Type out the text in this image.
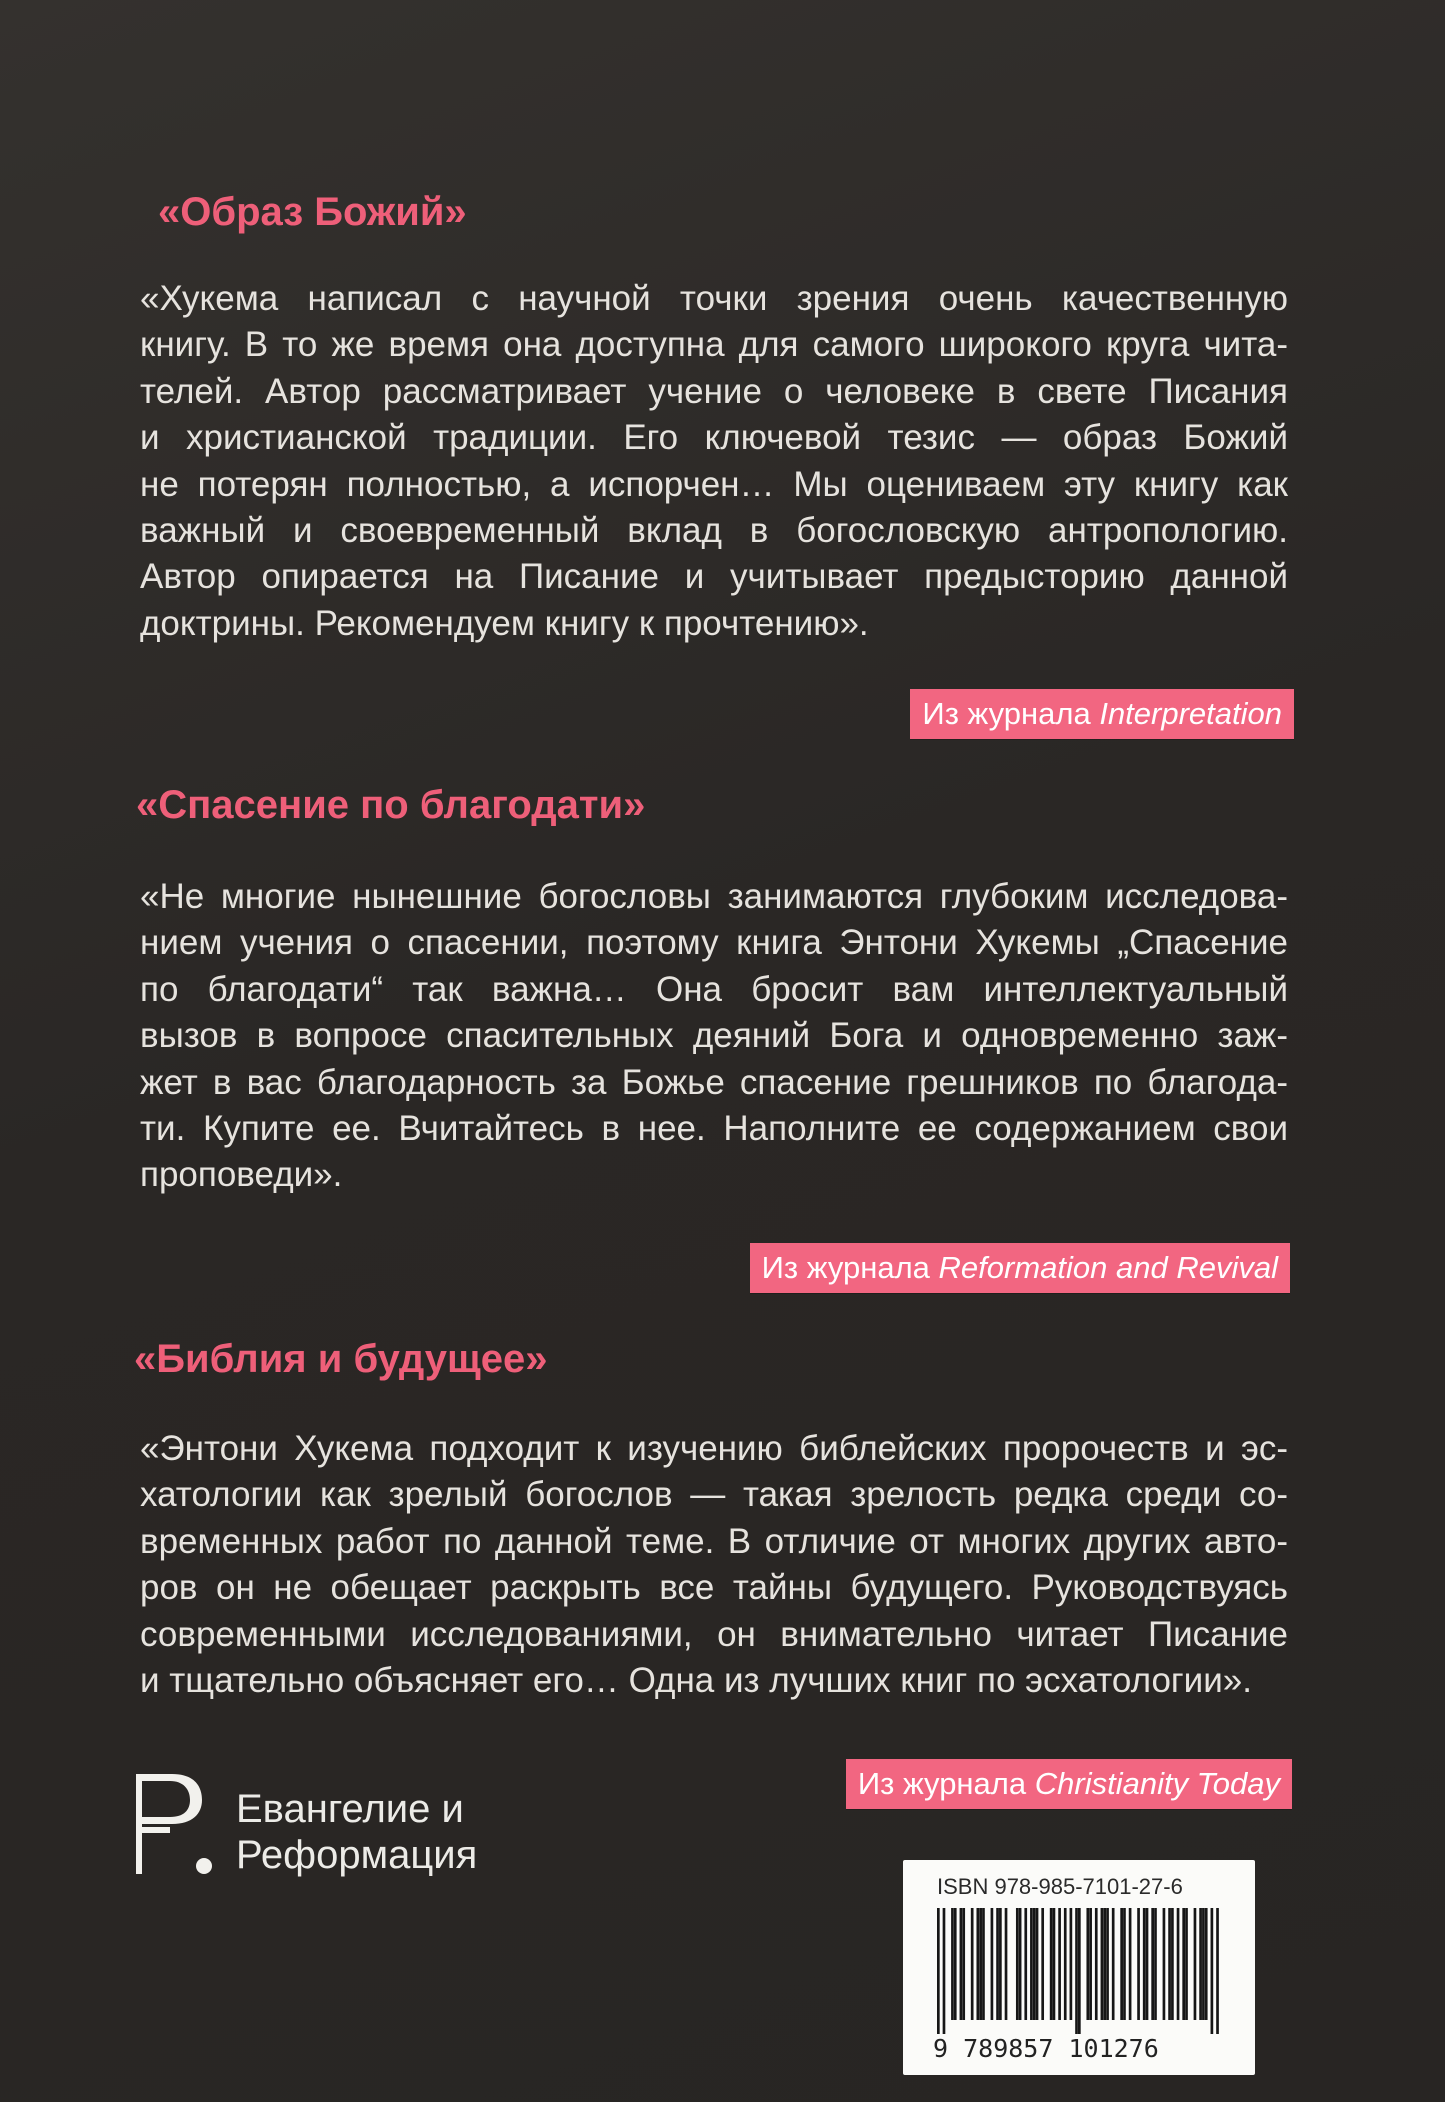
«Образ Божий»
«Хукема написал с научной точки зрения очень качественную
книгу. В то же время она доступна для самого широкого круга чита-
телей. Автор рассматривает учение о человеке в свете Писания
и христианской традиции. Его ключевой тезис — образ Божий
не потерян полностью, а испорчен… Мы оцениваем эту книгу как
важный и своевременный вклад в богословскую антропологию.
Автор опирается на Писание и учитывает предысторию данной
доктрины. Рекомендуем книгу к прочтению».
Из журнала Interpretation
«Спасение по благодати»
«Не многие нынешние богословы занимаются глубоким исследова-
нием учения о спасении, поэтому книга Энтони Хукемы „Спасение
по благодати“ так важна… Она бросит вам интеллектуальный
вызов в вопросе спасительных деяний Бога и одновременно заж-
жет в вас благодарность за Божье спасение грешников по благода-
ти. Купите ее. Вчитайтесь в нее. Наполните ее содержанием свои
проповеди».
Из журнала Reformation and Revival
«Библия и будущее»
«Энтони Хукема подходит к изучению библейских пророчеств и эс-
хатологии как зрелый богослов — такая зрелость редка среди со-
временных работ по данной теме. В отличие от многих других авто-
ров он не обещает раскрыть все тайны будущего. Руководствуясь
современными исследованиями, он внимательно читает Писание
и тщательно объясняет его… Одна из лучших книг по эсхатологии».
Из журнала Christianity Today
Евангелие и
Реформация
ISBN 978-985-7101-27-6
9 789857 101276
